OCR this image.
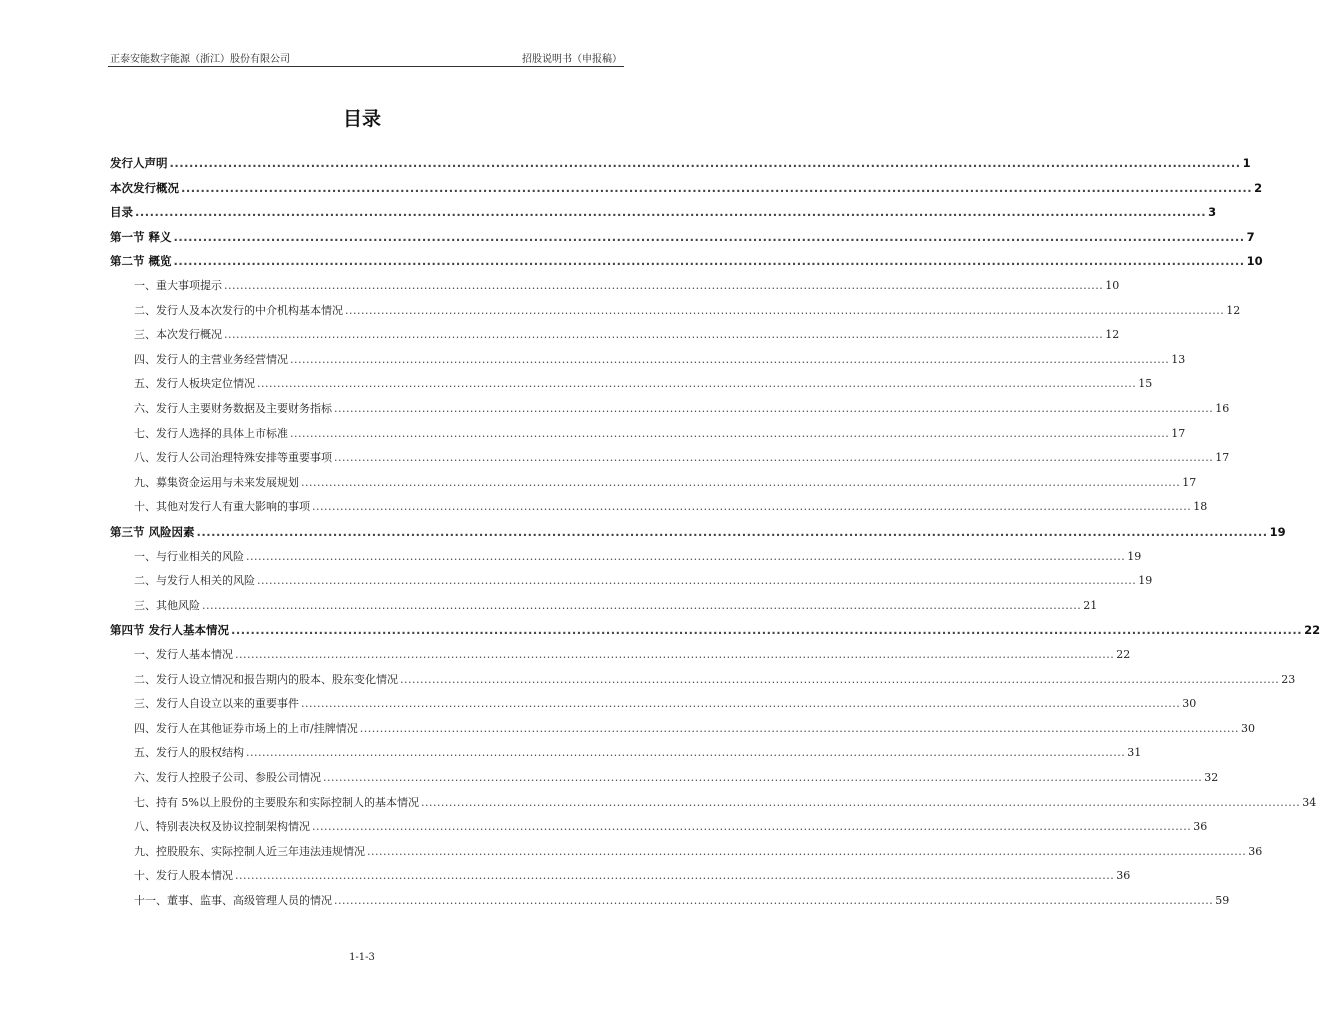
正泰安能数字能源（浙江）股份有限公司	招股说明书（申报稿）
目录
发行人声明 ............................................................................................................................................................................................................................ 1
本次发行概况 ............................................................................................................................................................................................................................ 2
目录 ............................................................................................................................................................................................................................ 3
第一节 释义 ............................................................................................................................................................................................................................ 7
第二节 概览 ............................................................................................................................................................................................................................ 10
一、重大事项提示 ............................................................................................................................................................................................................................ 10
二、发行人及本次发行的中介机构基本情况 ............................................................................................................................................................................................................................ 12
三、本次发行概况 ............................................................................................................................................................................................................................ 12
四、发行人的主营业务经营情况 ............................................................................................................................................................................................................................ 13
五、发行人板块定位情况 ............................................................................................................................................................................................................................ 15
六、发行人主要财务数据及主要财务指标 ............................................................................................................................................................................................................................ 16
七、发行人选择的具体上市标准 ............................................................................................................................................................................................................................ 17
八、发行人公司治理特殊安排等重要事项 ............................................................................................................................................................................................................................ 17
九、募集资金运用与未来发展规划 ............................................................................................................................................................................................................................ 17
十、其他对发行人有重大影响的事项 ............................................................................................................................................................................................................................ 18
第三节 风险因素 ............................................................................................................................................................................................................................ 19
一、与行业相关的风险 ............................................................................................................................................................................................................................ 19
二、与发行人相关的风险 ............................................................................................................................................................................................................................ 19
三、其他风险 ............................................................................................................................................................................................................................ 21
第四节 发行人基本情况 ............................................................................................................................................................................................................................ 22
一、发行人基本情况 ............................................................................................................................................................................................................................ 22
二、发行人设立情况和报告期内的股本、股东变化情况 ............................................................................................................................................................................................................................ 23
三、发行人自设立以来的重要事件 ............................................................................................................................................................................................................................ 30
四、发行人在其他证券市场上的上市/挂牌情况 ............................................................................................................................................................................................................................ 30
五、发行人的股权结构 ............................................................................................................................................................................................................................ 31
六、发行人控股子公司、参股公司情况 ............................................................................................................................................................................................................................ 32
七、持有 5%以上股份的主要股东和实际控制人的基本情况 ............................................................................................................................................................................................................................ 34
八、特别表决权及协议控制架构情况 ............................................................................................................................................................................................................................ 36
九、控股股东、实际控制人近三年违法违规情况 ............................................................................................................................................................................................................................ 36
十、发行人股本情况 ............................................................................................................................................................................................................................ 36
十一、董事、监事、高级管理人员的情况 ............................................................................................................................................................................................................................ 59
1-1-3
